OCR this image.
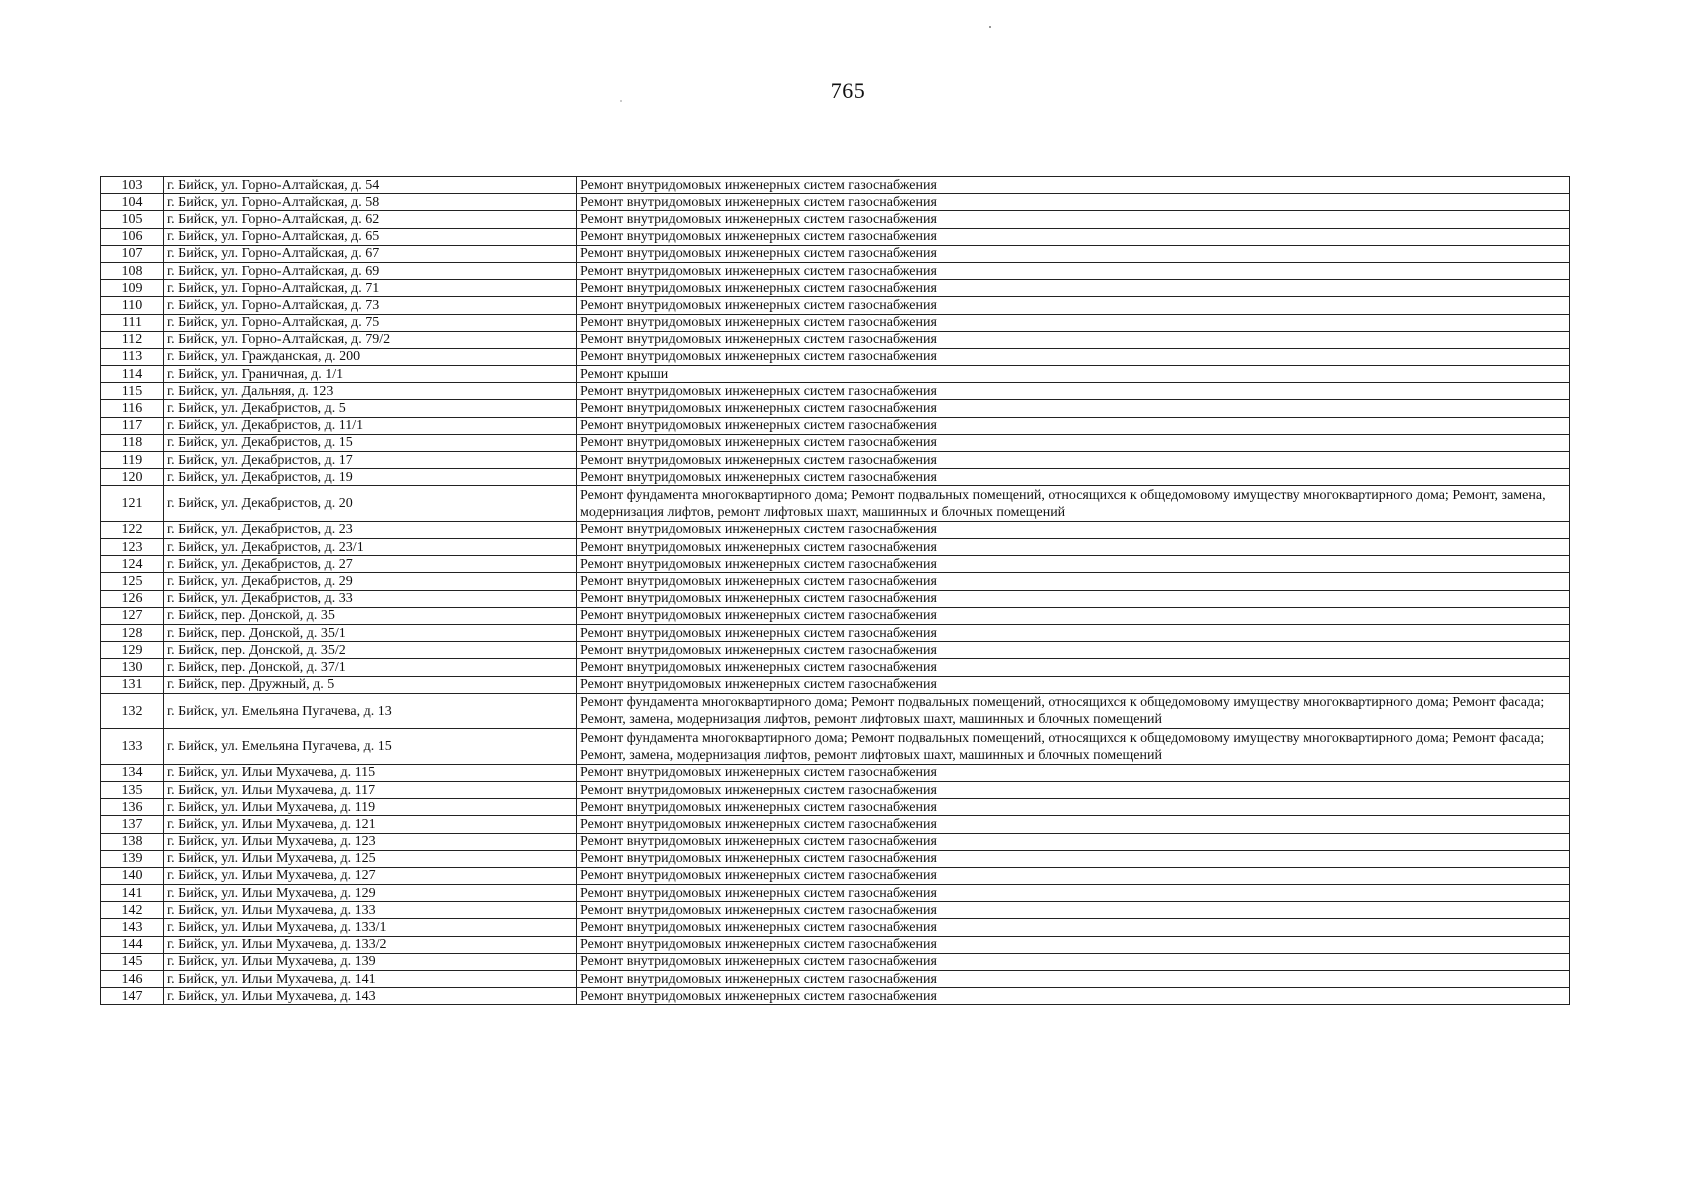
765
103	г. Бийск, ул. Горно-Алтайская, д. 54	Ремонт внутридомовых инженерных систем газоснабжения
104	г. Бийск, ул. Горно-Алтайская, д. 58	Ремонт внутридомовых инженерных систем газоснабжения
105	г. Бийск, ул. Горно-Алтайская, д. 62	Ремонт внутридомовых инженерных систем газоснабжения
106	г. Бийск, ул. Горно-Алтайская, д. 65	Ремонт внутридомовых инженерных систем газоснабжения
107	г. Бийск, ул. Горно-Алтайская, д. 67	Ремонт внутридомовых инженерных систем газоснабжения
108	г. Бийск, ул. Горно-Алтайская, д. 69	Ремонт внутридомовых инженерных систем газоснабжения
109	г. Бийск, ул. Горно-Алтайская, д. 71	Ремонт внутридомовых инженерных систем газоснабжения
110	г. Бийск, ул. Горно-Алтайская, д. 73	Ремонт внутридомовых инженерных систем газоснабжения
111	г. Бийск, ул. Горно-Алтайская, д. 75	Ремонт внутридомовых инженерных систем газоснабжения
112	г. Бийск, ул. Горно-Алтайская, д. 79/2	Ремонт внутридомовых инженерных систем газоснабжения
113	г. Бийск, ул. Гражданская, д. 200	Ремонт внутридомовых инженерных систем газоснабжения
114	г. Бийск, ул. Граничная, д. 1/1	Ремонт крыши
115	г. Бийск, ул. Дальняя, д. 123	Ремонт внутридомовых инженерных систем газоснабжения
116	г. Бийск, ул. Декабристов, д. 5	Ремонт внутридомовых инженерных систем газоснабжения
117	г. Бийск, ул. Декабристов, д. 11/1	Ремонт внутридомовых инженерных систем газоснабжения
118	г. Бийск, ул. Декабристов, д. 15	Ремонт внутридомовых инженерных систем газоснабжения
119	г. Бийск, ул. Декабристов, д. 17	Ремонт внутридомовых инженерных систем газоснабжения
120	г. Бийск, ул. Декабристов, д. 19	Ремонт внутридомовых инженерных систем газоснабжения
121	г. Бийск, ул. Декабристов, д. 20	Ремонт фундамента многоквартирного дома; Ремонт подвальных помещений, относящихся к общедомовому имуществу многоквартирного дома; Ремонт, замена, модернизация лифтов, ремонт лифтовых шахт, машинных и блочных помещений
122	г. Бийск, ул. Декабристов, д. 23	Ремонт внутридомовых инженерных систем газоснабжения
123	г. Бийск, ул. Декабристов, д. 23/1	Ремонт внутридомовых инженерных систем газоснабжения
124	г. Бийск, ул. Декабристов, д. 27	Ремонт внутридомовых инженерных систем газоснабжения
125	г. Бийск, ул. Декабристов, д. 29	Ремонт внутридомовых инженерных систем газоснабжения
126	г. Бийск, ул. Декабристов, д. 33	Ремонт внутридомовых инженерных систем газоснабжения
127	г. Бийск, пер. Донской, д. 35	Ремонт внутридомовых инженерных систем газоснабжения
128	г. Бийск, пер. Донской, д. 35/1	Ремонт внутридомовых инженерных систем газоснабжения
129	г. Бийск, пер. Донской, д. 35/2	Ремонт внутридомовых инженерных систем газоснабжения
130	г. Бийск, пер. Донской, д. 37/1	Ремонт внутридомовых инженерных систем газоснабжения
131	г. Бийск, пер. Дружный, д. 5	Ремонт внутридомовых инженерных систем газоснабжения
132	г. Бийск, ул. Емельяна Пугачева, д. 13	Ремонт фундамента многоквартирного дома; Ремонт подвальных помещений, относящихся к общедомовому имуществу многоквартирного дома; Ремонт фасада; Ремонт, замена, модернизация лифтов, ремонт лифтовых шахт, машинных и блочных помещений
133	г. Бийск, ул. Емельяна Пугачева, д. 15	Ремонт фундамента многоквартирного дома; Ремонт подвальных помещений, относящихся к общедомовому имуществу многоквартирного дома; Ремонт фасада; Ремонт, замена, модернизация лифтов, ремонт лифтовых шахт, машинных и блочных помещений
134	г. Бийск, ул. Ильи Мухачева, д. 115	Ремонт внутридомовых инженерных систем газоснабжения
135	г. Бийск, ул. Ильи Мухачева, д. 117	Ремонт внутридомовых инженерных систем газоснабжения
136	г. Бийск, ул. Ильи Мухачева, д. 119	Ремонт внутридомовых инженерных систем газоснабжения
137	г. Бийск, ул. Ильи Мухачева, д. 121	Ремонт внутридомовых инженерных систем газоснабжения
138	г. Бийск, ул. Ильи Мухачева, д. 123	Ремонт внутридомовых инженерных систем газоснабжения
139	г. Бийск, ул. Ильи Мухачева, д. 125	Ремонт внутридомовых инженерных систем газоснабжения
140	г. Бийск, ул. Ильи Мухачева, д. 127	Ремонт внутридомовых инженерных систем газоснабжения
141	г. Бийск, ул. Ильи Мухачева, д. 129	Ремонт внутридомовых инженерных систем газоснабжения
142	г. Бийск, ул. Ильи Мухачева, д. 133	Ремонт внутридомовых инженерных систем газоснабжения
143	г. Бийск, ул. Ильи Мухачева, д. 133/1	Ремонт внутридомовых инженерных систем газоснабжения
144	г. Бийск, ул. Ильи Мухачева, д. 133/2	Ремонт внутридомовых инженерных систем газоснабжения
145	г. Бийск, ул. Ильи Мухачева, д. 139	Ремонт внутридомовых инженерных систем газоснабжения
146	г. Бийск, ул. Ильи Мухачева, д. 141	Ремонт внутридомовых инженерных систем газоснабжения
147	г. Бийск, ул. Ильи Мухачева, д. 143	Ремонт внутридомовых инженерных систем газоснабжения
